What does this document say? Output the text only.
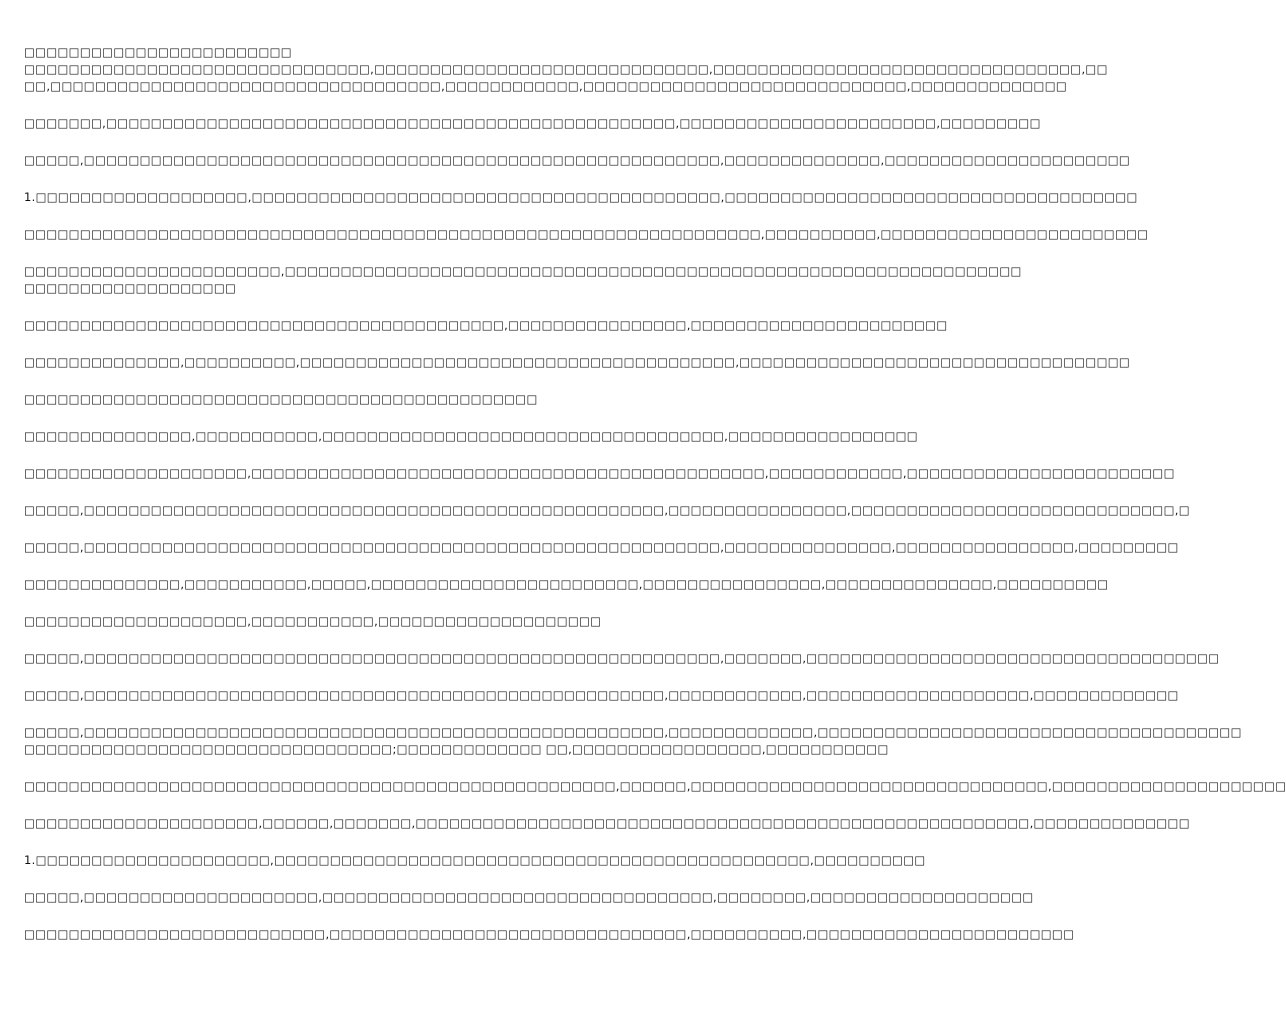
□□□□□□□□□□□□□□□□□□□□□□□□
□□□□□□□□□□□□□□□□□□□□□□□□□□□□□□□,□□□□□□□□□□□□□□□□□□□□□□□□□□□□□□,□□□□□□□□□□□□□□□□□□□□□□□□□□□□□□□□□,□□
□□,□□□□□□□□□□□□□□□□□□□□□□□□□□□□□□□□□□□,□□□□□□□□□□□□,□□□□□□□□□□□□□□□□□□□□□□□□□□□□□,□□□□□□□□□□□□□□
□□□□□□□,□□□□□□□□□□□□□□□□□□□□□□□□□□□□□□□□□□□□□□□□□□□□□□□□□□□,□□□□□□□□□□□□□□□□□□□□□□□,□□□□□□□□□
□□□□□,□□□□□□□□□□□□□□□□□□□□□□□□□□□□□□□□□□□□□□□□□□□□□□□□□□□□□□□□□,□□□□□□□□□□□□□□,□□□□□□□□□□□□□□□□□□□□□□
1.□□□□□□□□□□□□□□□□□□□,□□□□□□□□□□□□□□□□□□□□□□□□□□□□□□□□□□□□□□□□□□,□□□□□□□□□□□□□□□□□□□□□□□□□□□□□□□□□□□□□
□□□□□□□□□□□□□□□□□□□□□□□□□□□□□□□□□□□□□□□□□□□□□□□□□□□□□□□□□□□□□□□□□□,□□□□□□□□□□,□□□□□□□□□□□□□□□□□□□□□□□□
□□□□□□□□□□□□□□□□□□□□□□□,□□□□□□□□□□□□□□□□□□□□□□□□□□□□□□□□□□□□□□□□□□□□□□□□□□□□□□□□□□□□□□□□□□
□□□□□□□□□□□□□□□□□□□
□□□□□□□□□□□□□□□□□□□□□□□□□□□□□□□□□□□□□□□□□□□,□□□□□□□□□□□□□□□□,□□□□□□□□□□□□□□□□□□□□□□□
□□□□□□□□□□□□□□,□□□□□□□□□□,□□□□□□□□□□□□□□□□□□□□□□□□□□□□□□□□□□□□□□□,□□□□□□□□□□□□□□□□□□□□□□□□□□□□□□□□□□□
□□□□□□□□□□□□□□□□□□□□□□□□□□□□□□□□□□□□□□□□□□□□□□
□□□□□□□□□□□□□□□,□□□□□□□□□□□,□□□□□□□□□□□□□□□□□□□□□□□□□□□□□□□□□□□□,□□□□□□□□□□□□□□□□□
□□□□□□□□□□□□□□□□□□□□,□□□□□□□□□□□□□□□□□□□□□□□□□□□□□□□□□□□□□□□□□□□□□□,□□□□□□□□□□□□,□□□□□□□□□□□□□□□□□□□□□□□□
□□□□□,□□□□□□□□□□□□□□□□□□□□□□□□□□□□□□□□□□□□□□□□□□□□□□□□□□□□,□□□□□□□□□□□□□□□□,□□□□□□□□□□□□□□□□□□□□□□□□□□□□□,□
□□□□□,□□□□□□□□□□□□□□□□□□□□□□□□□□□□□□□□□□□□□□□□□□□□□□□□□□□□□□□□□,□□□□□□□□□□□□□□□,□□□□□□□□□□□□□□□□,□□□□□□□□□
□□□□□□□□□□□□□□,□□□□□□□□□□□,□□□□□,□□□□□□□□□□□□□□□□□□□□□□□□,□□□□□□□□□□□□□□□□,□□□□□□□□□□□□□□□,□□□□□□□□□□
□□□□□□□□□□□□□□□□□□□□,□□□□□□□□□□□,□□□□□□□□□□□□□□□□□□□□
□□□□□,□□□□□□□□□□□□□□□□□□□□□□□□□□□□□□□□□□□□□□□□□□□□□□□□□□□□□□□□□,□□□□□□□,□□□□□□□□□□□□□□□□□□□□□□□□□□□□□□□□□□□□□
□□□□□,□□□□□□□□□□□□□□□□□□□□□□□□□□□□□□□□□□□□□□□□□□□□□□□□□□□□,□□□□□□□□□□□□,□□□□□□□□□□□□□□□□□□□□,□□□□□□□□□□□□□
□□□□□,□□□□□□□□□□□□□□□□□□□□□□□□□□□□□□□□□□□□□□□□□□□□□□□□□□□□,□□□□□□□□□□□□□,□□□□□□□□□□□□□□□□□□□□□□□□□□□□□□□□□□□□□□
□□□□□□□□□□□□□□□□□□□□□□□□□□□□□□□□□;□□□□□□□□□□□□□ □□,□□□□□□□□□□□□□□□□□,□□□□□□□□□□□
□□□□□□□□□□□□□□□□□□□□□□□□□□□□□□□□□□□□□□□□□□□□□□□□□□□□□,□□□□□□,□□□□□□□□□□□□□□□□□□□□□□□□□□□□□□□□,□□□□□□□□□□□□□□□□□□□□□
□□□□□□□□□□□□□□□□□□□□□,□□□□□□,□□□□□□□,□□□□□□□□□□□□□□□□□□□□□□□□□□□□□□□□□□□□□□□□□□□□□□□□□□□□□□□,□□□□□□□□□□□□□□
1.□□□□□□□□□□□□□□□□□□□□□,□□□□□□□□□□□□□□□□□□□□□□□□□□□□□□□□□□□□□□□□□□□□□□□□,□□□□□□□□□□
□□□□□,□□□□□□□□□□□□□□□□□□□□□,□□□□□□□□□□□□□□□□□□□□□□□□□□□□□□□□□□□,□□□□□□□□,□□□□□□□□□□□□□□□□□□□□
□□□□□□□□□□□□□□□□□□□□□□□□□□□,□□□□□□□□□□□□□□□□□□□□□□□□□□□□□□□□,□□□□□□□□□□,□□□□□□□□□□□□□□□□□□□□□□□□
